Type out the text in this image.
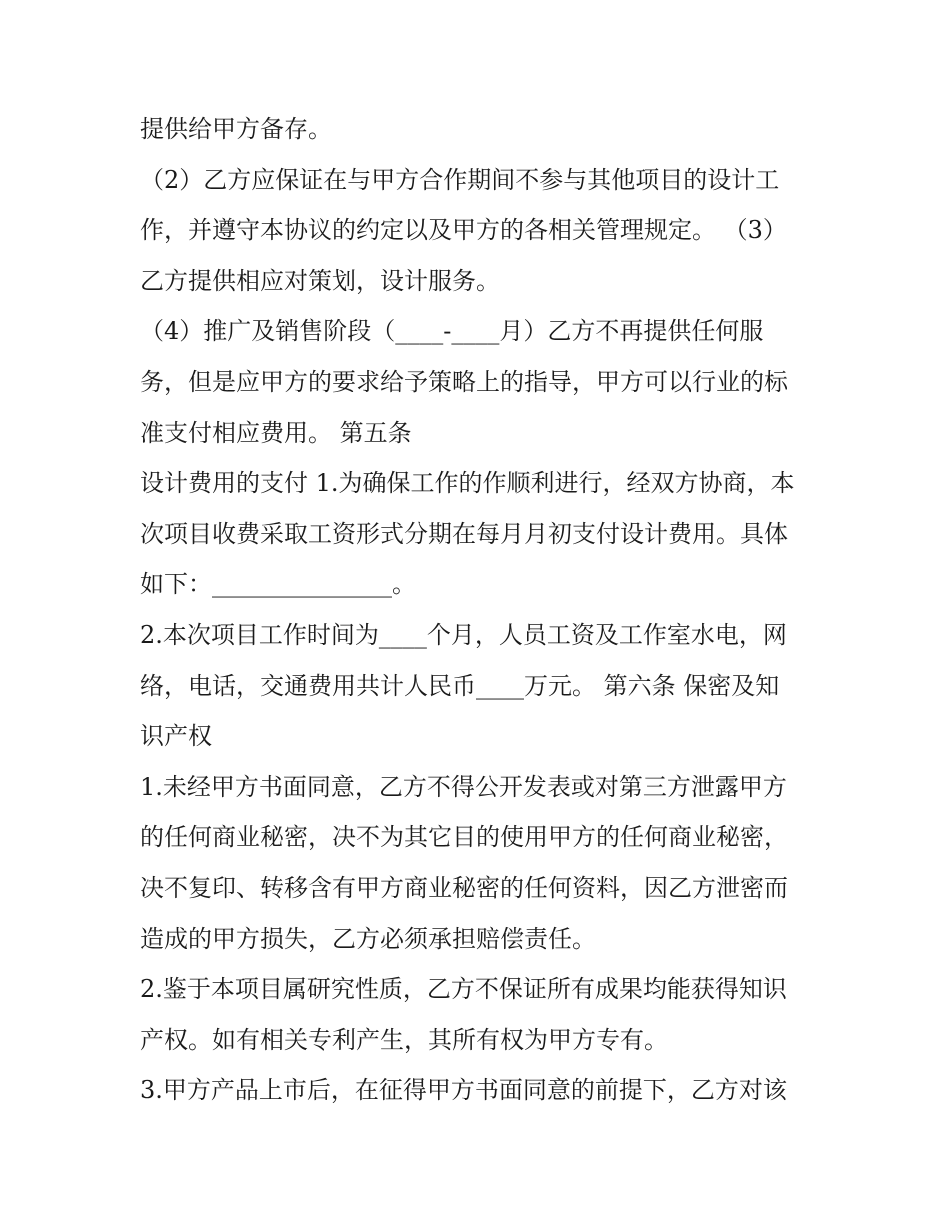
提供给甲方备存。
（2）乙方应保证在与甲方合作期间不参与其他项目的设计工
作，并遵守本协议的约定以及甲方的各相关管理规定。 （3）
乙方提供相应对策划，设计服务。
（4）推广及销售阶段（____-____月）乙方不再提供任何服
务，但是应甲方的要求给予策略上的指导，甲方可以行业的标
准支付相应费用。 第五条
设计费用的支付 1.为确保工作的作顺利进行，经双方协商，本
次项目收费采取工资形式分期在每月月初支付设计费用。具体
如下：_______________。
2.本次项目工作时间为____个月，人员工资及工作室水电，网
络，电话，交通费用共计人民币____万元。 第六条 保密及知
识产权
1.未经甲方书面同意，乙方不得公开发表或对第三方泄露甲方
的任何商业秘密，决不为其它目的使用甲方的任何商业秘密，
决不复印、转移含有甲方商业秘密的任何资料，因乙方泄密而
造成的甲方损失，乙方必须承担赔偿责任。
2.鉴于本项目属研究性质，乙方不保证所有成果均能获得知识
产权。如有相关专利产生，其所有权为甲方专有。
3.甲方产品上市后，在征得甲方书面同意的前提下，乙方对该
